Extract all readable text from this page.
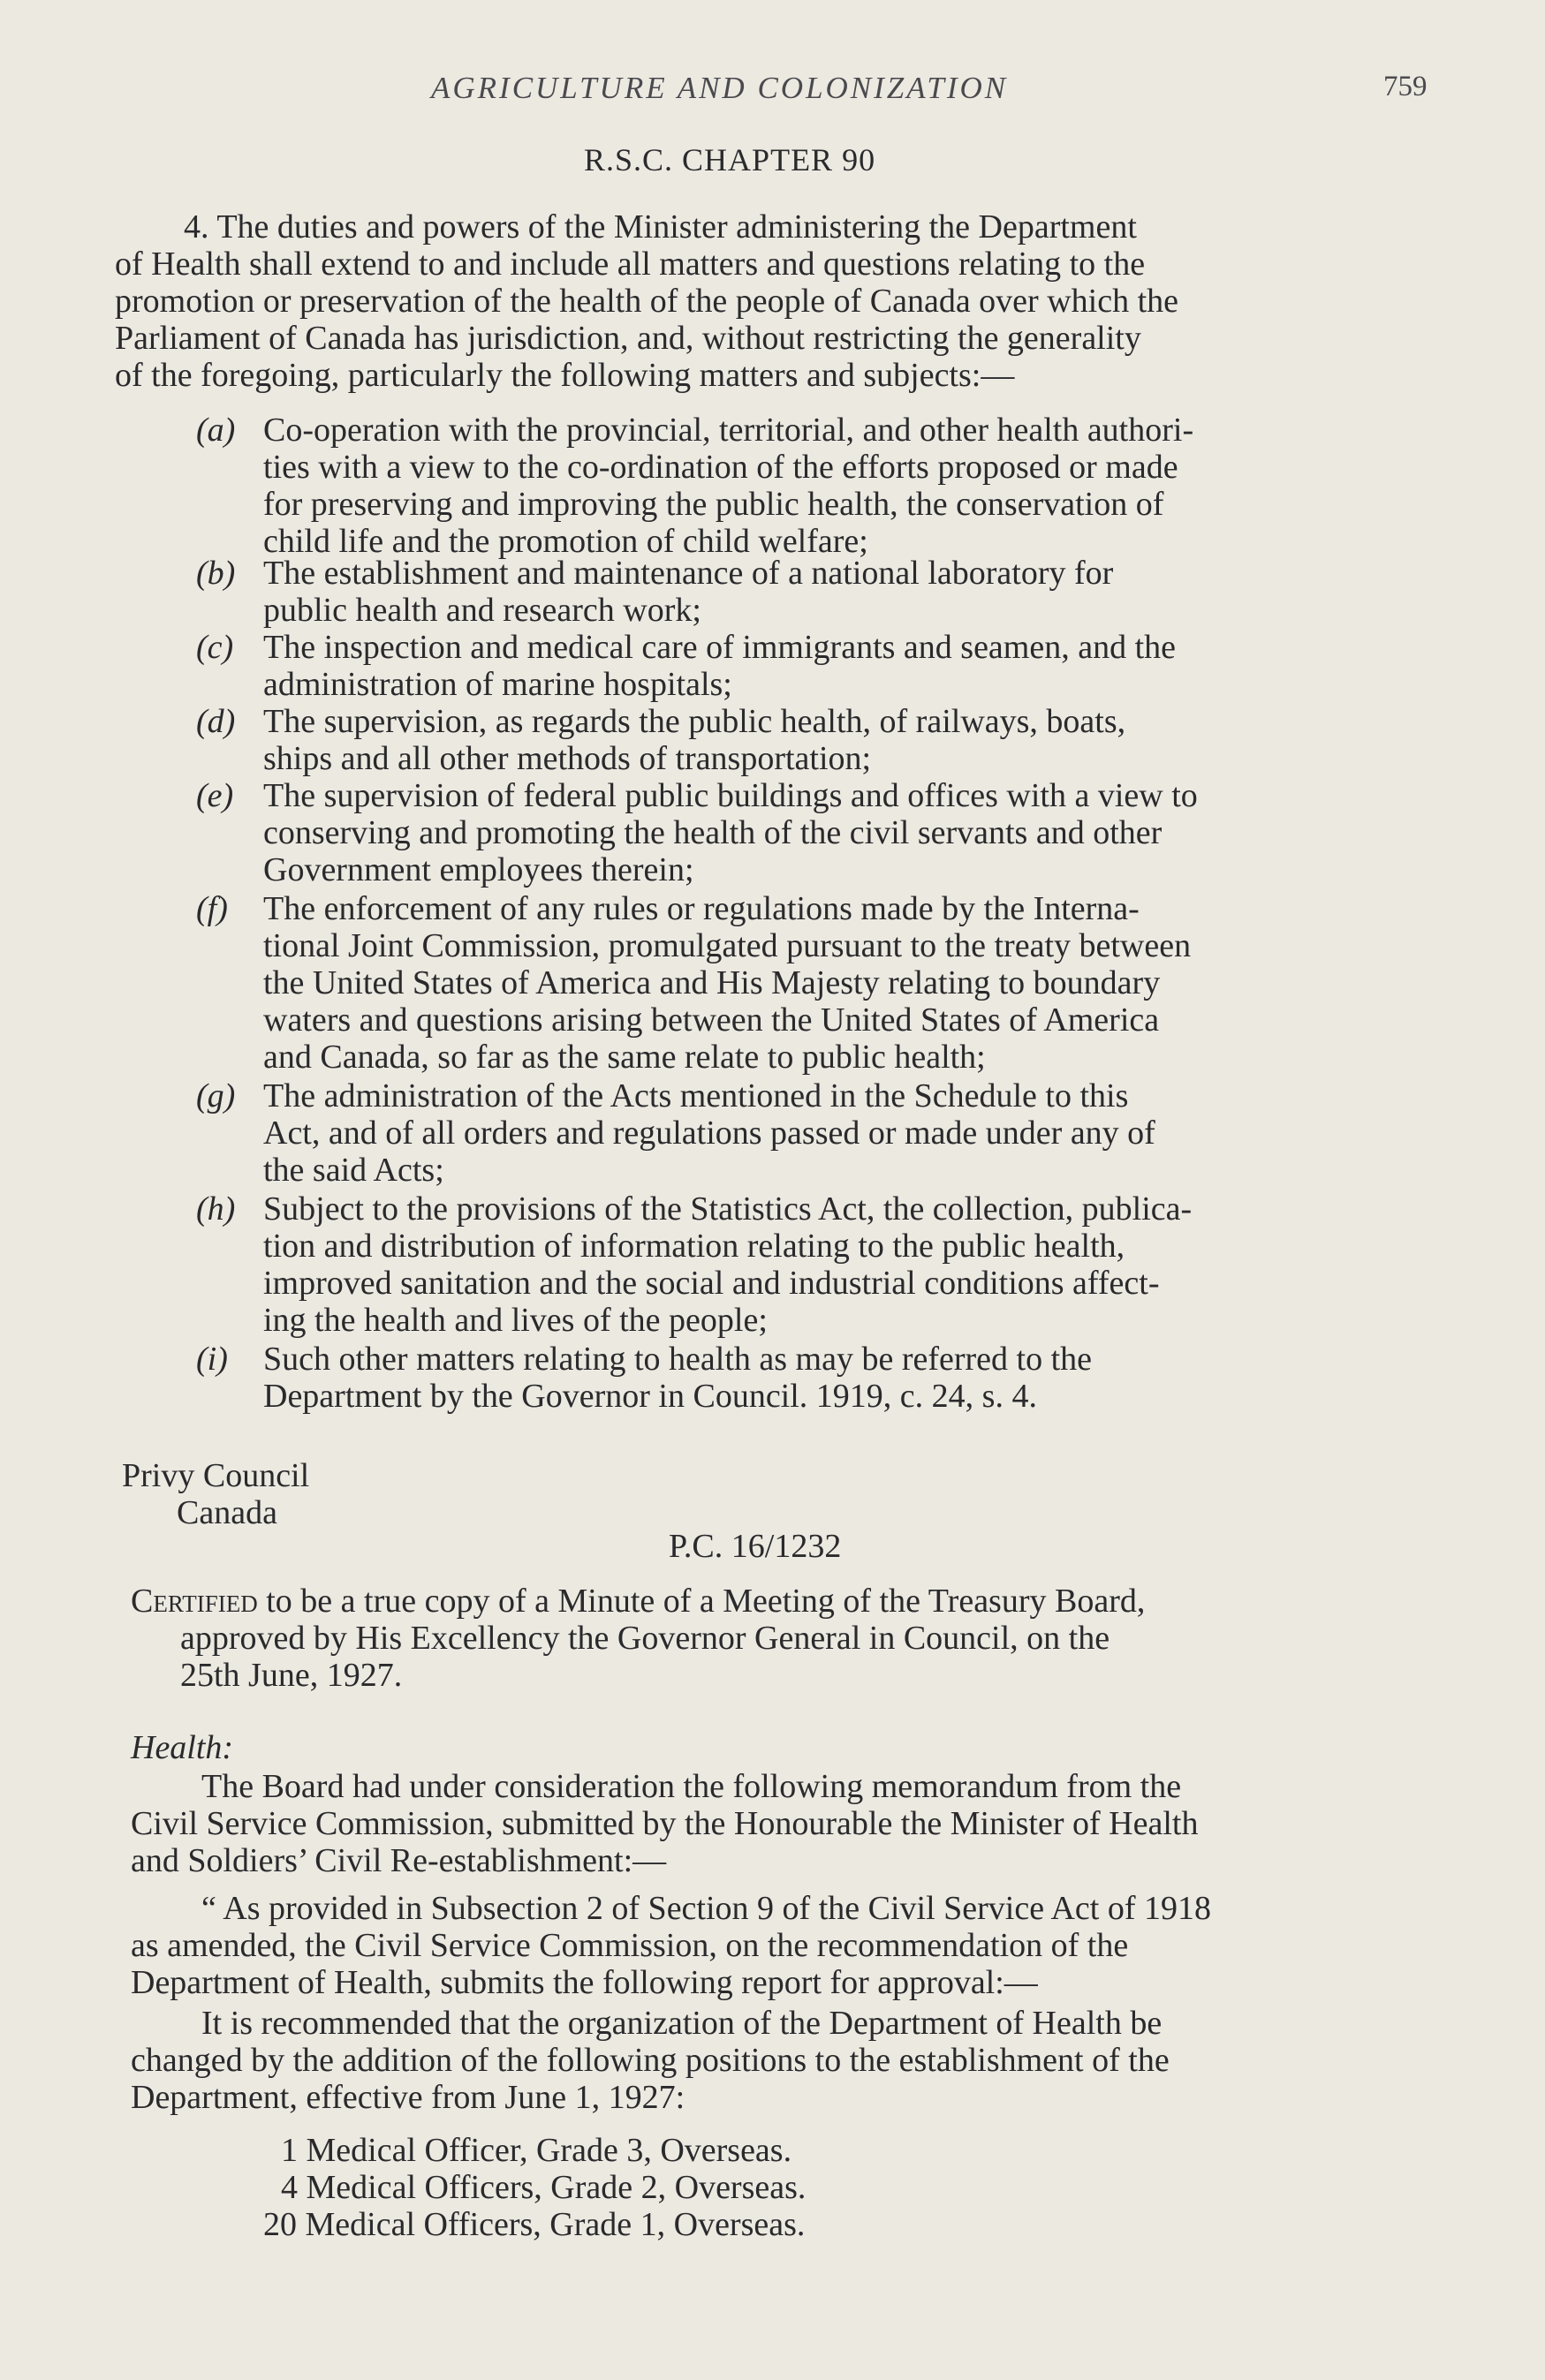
AGRICULTURE AND COLONIZATION	759
R.S.C. CHAPTER 90
4. The duties and powers of the Minister administering the Department
of Health shall extend to and include all matters and questions relating to the
promotion or preservation of the health of the people of Canada over which the
Parliament of Canada has jurisdiction, and, without restricting the generality
of the foregoing, particularly the following matters and subjects:—
(a) Co-operation with the provincial, territorial, and other health authori-
ties with a view to the co-ordination of the efforts proposed or made
for preserving and improving the public health, the conservation of
child life and the promotion of child welfare;
(b) The establishment and maintenance of a national laboratory for
public health and research work;
(c) The inspection and medical care of immigrants and seamen, and the
administration of marine hospitals;
(d) The supervision, as regards the public health, of railways, boats,
ships and all other methods of transportation;
(e) The supervision of federal public buildings and offices with a view to
conserving and promoting the health of the civil servants and other
Government employees therein;
(f) The enforcement of any rules or regulations made by the Interna-
tional Joint Commission, promulgated pursuant to the treaty between
the United States of America and His Majesty relating to boundary
waters and questions arising between the United States of America
and Canada, so far as the same relate to public health;
(g) The administration of the Acts mentioned in the Schedule to this
Act, and of all orders and regulations passed or made under any of
the said Acts;
(h) Subject to the provisions of the Statistics Act, the collection, publica-
tion and distribution of information relating to the public health,
improved sanitation and the social and industrial conditions affect-
ing the health and lives of the people;
(i) Such other matters relating to health as may be referred to the
Department by the Governor in Council. 1919, c. 24, s. 4.
Privy Council
Canada
P.C. 16/1232
Certified to be a true copy of a Minute of a Meeting of the Treasury Board,
approved by His Excellency the Governor General in Council, on the
25th June, 1927.
Health:
The Board had under consideration the following memorandum from the
Civil Service Commission, submitted by the Honourable the Minister of Health
and Soldiers’ Civil Re-establishment:—
“ As provided in Subsection 2 of Section 9 of the Civil Service Act of 1918
as amended, the Civil Service Commission, on the recommendation of the
Department of Health, submits the following report for approval:—
It is recommended that the organization of the Department of Health be
changed by the addition of the following positions to the establishment of the
Department, effective from June 1, 1927:
1 Medical Officer, Grade 3, Overseas.
4 Medical Officers, Grade 2, Overseas.
20 Medical Officers, Grade 1, Overseas.
